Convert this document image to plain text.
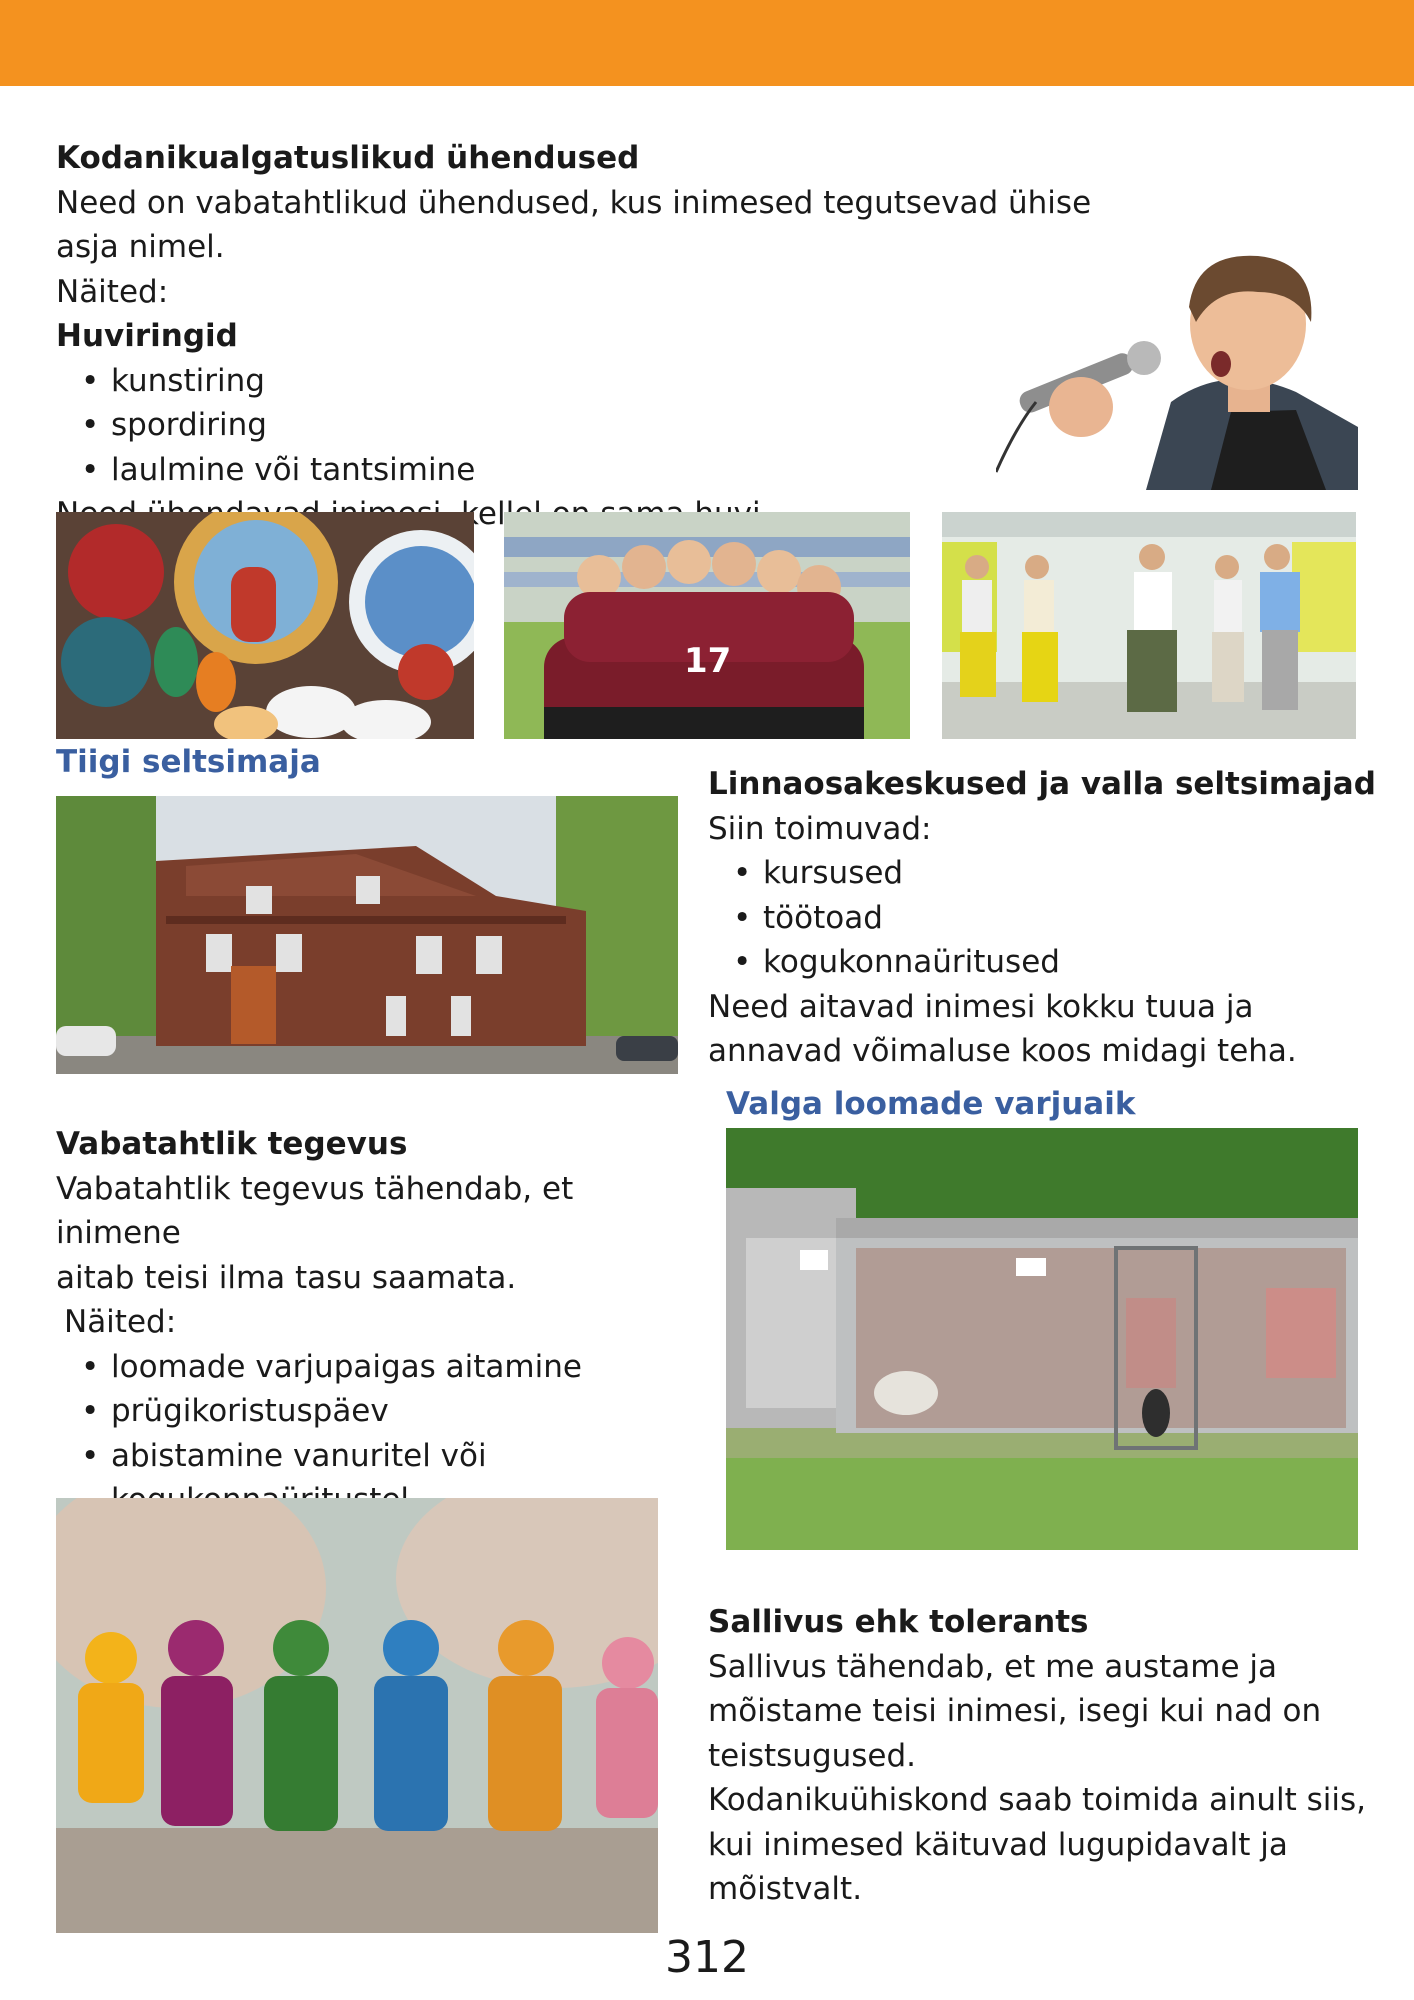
Kodanikualgatuslikud ühendused

Need on vabatahtlikud ühendused, kus inimesed tegutsevad ühise asja nimel.

Näited:

Huviringid

• kunstiring
• spordiring
• laulmine või tantsimine

kellel

17
Tiigi seltsimaja

Linnaosakeskused ja valla seltsimajad

Siin toimuvad:

• kursused
• töötoad
• kogukonnaüritused

Need aitavad inimesi kokku tuua ja

annavad võimaluse koos midagi teha.

Valga loomade varjuaik

Vabatahtlik tegevus

Vabatahtlik tegevus tähendab, et inimene

aitab teisi ilma tasu saamata.

Näited:

• loomade varjupaigas aitamine
• prügikoristuspäev
• abistamine vanuritel või

Sallivus ehk tolerants

Sallivus tähendab, et me austame ja

mõistame teisi inimesi, isegi kui nad on

teistsugused.

Kodanikuühiskond saab toimida ainult siis,

kui inimesed käituvad lugupidavalt ja

mõistvalt.

312
